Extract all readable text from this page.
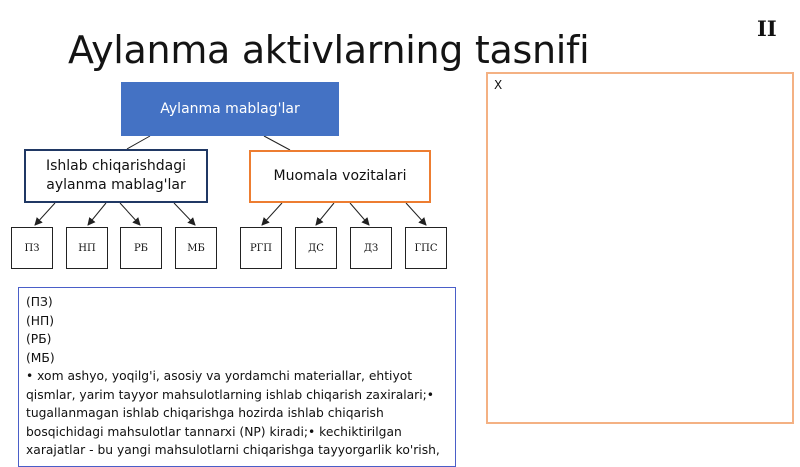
Aylanma aktivlarning tasnifi	II
Aylanma mablag'lar
Ishlab chiqarishdagi
aylanma mablag'lar
Muomala vozitalari
ПЗ	НП	РБ	МБ	РГП	ДС	ДЗ	ГПС
(ПЗ)
(НП)
(РБ)
(МБ)
• xom ashyo, yoqilg'i, asosiy va yordamchi materiallar, ehtiyot qismlar, yarim tayyor mahsulotlarning ishlab chiqarish zaxiralari;• tugallanmagan ishlab chiqarishga hozirda ishlab chiqarish bosqichidagi mahsulotlar tannarxi (NP) kiradi;• kechiktirilgan xarajatlar - bu yangi mahsulotlarni chiqarishga tayyorgarlik ko'rish,
X
